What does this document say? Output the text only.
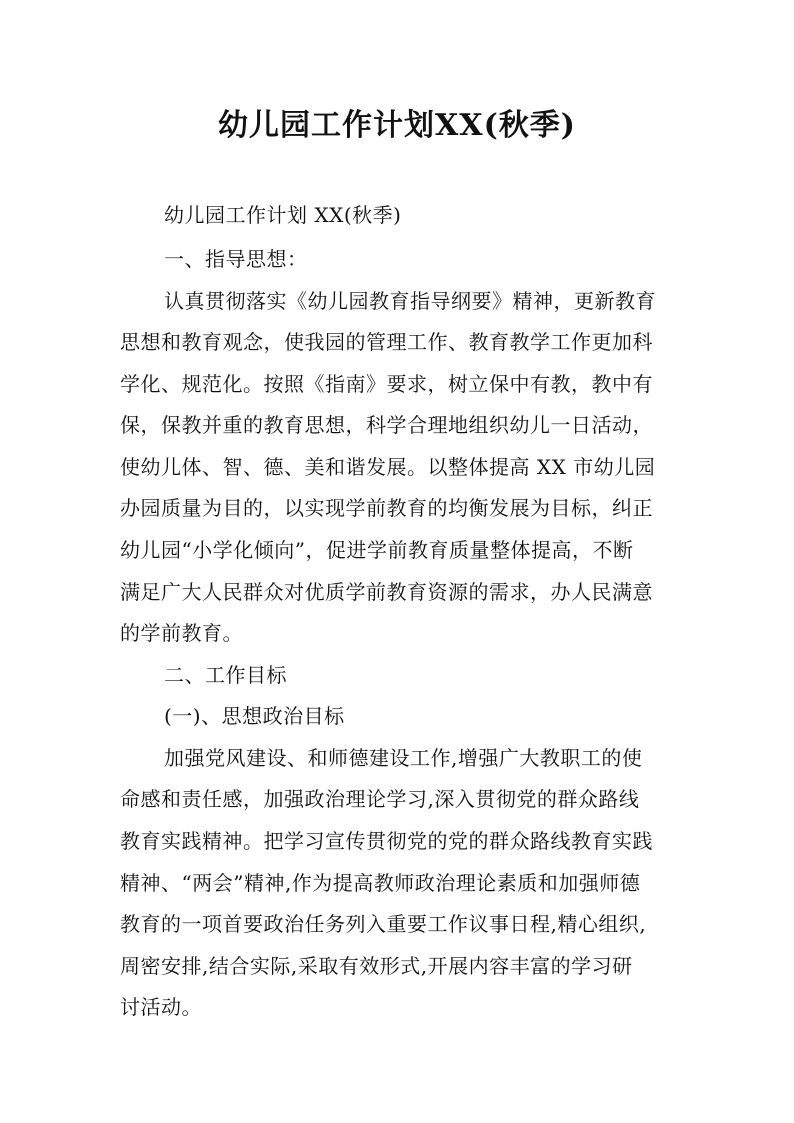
幼儿园工作计划XX(秋季)
幼儿园工作计划 XX(秋季)
一、指导思想：
认真贯彻落实《幼儿园教育指导纲要》精神，更新教育
思想和教育观念，使我园的管理工作、教育教学工作更加科
学化、规范化。按照《指南》要求，树立保中有教，教中有
保，保教并重的教育思想，科学合理地组织幼儿一日活动，
使幼儿体、智、德、美和谐发展。以整体提高 XX 市幼儿园
办园质量为目的，以实现学前教育的均衡发展为目标，纠正
幼儿园“小学化倾向”，促进学前教育质量整体提高，不断
满足广大人民群众对优质学前教育资源的需求，办人民满意
的学前教育。
二、工作目标
(一)、思想政治目标
加强党风建设、和师德建设工作,增强广大教职工的使
命感和责任感，加强政治理论学习,深入贯彻党的群众路线
教育实践精神。把学习宣传贯彻党的党的群众路线教育实践
精神、“两会”精神,作为提高教师政治理论素质和加强师德
教育的一项首要政治任务列入重要工作议事日程,精心组织,
周密安排,结合实际,采取有效形式,开展内容丰富的学习研
讨活动。
